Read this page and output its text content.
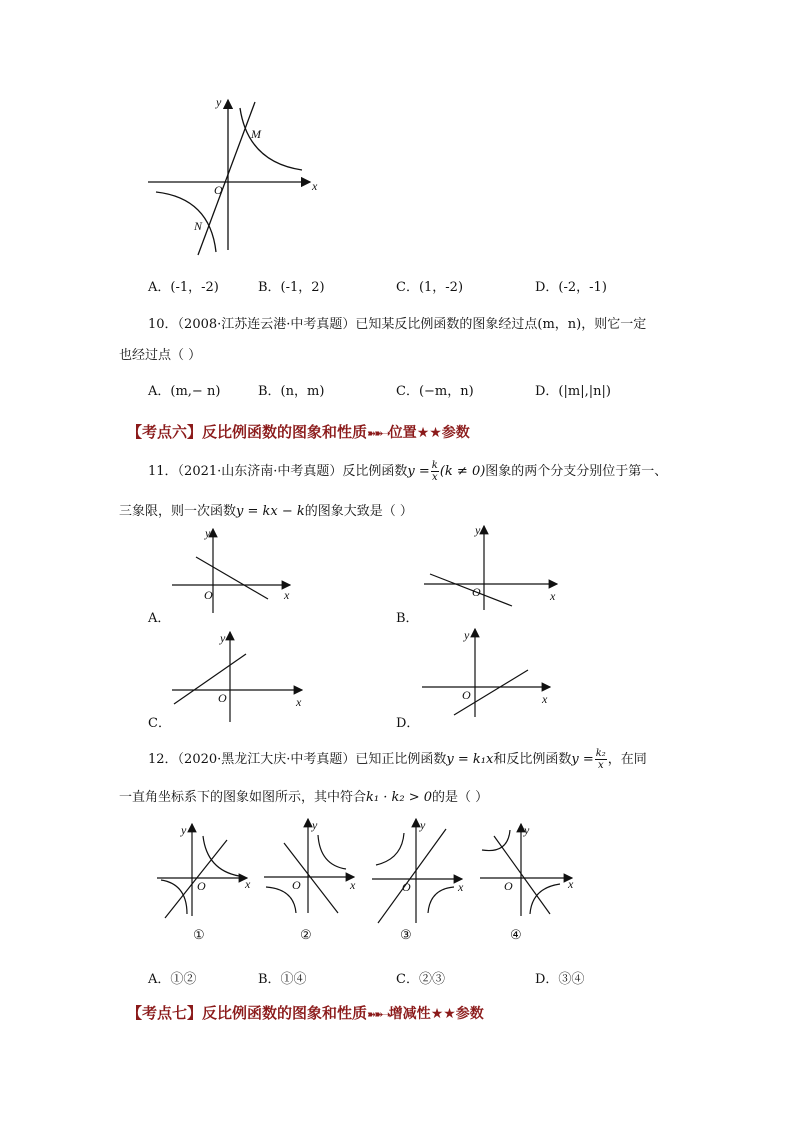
y
x
O
M
N
A．(-1，-2)	B．(-1，2)	C．(1，-2)	D．(-2，-1)
10．（2008·江苏连云港·中考真题）已知某反比例函数的图象经过点(m，n)，则它一定
也经过点（ ）
A．(m,− n)	B．(n，m)	C．(−m，n)	D．(|m|,|n|)
【考点六】反比例函数的图象和性质➽➽➝位置★★参数
11．（2021·山东济南·中考真题）反比例函数$y = \frac{k}{x} (k \ne 0)$图象的两个分支分别位于第一、
三象限，则一次函数y = kx − k的图象大致是（ ）
y
x
O
A．
y
x
O
B．
y
x
O
C．
y
x
O
D．
12．（2020·黑龙江大庆·中考真题）已知正比例函数y = k₁x和反比例函数$y = \frac{\text{k₂}}{x}$ ，在同
一直角坐标系下的图象如图所示，其中符合k₁ · k₂ > 0的是（ ）
y
x
O
①
y
x
O
②
y
x
O
③
y
x
O
④
A．①②	B．①④	C．②③	D．③④
【考点七】反比例函数的图象和性质➽➽➝增减性★★参数
